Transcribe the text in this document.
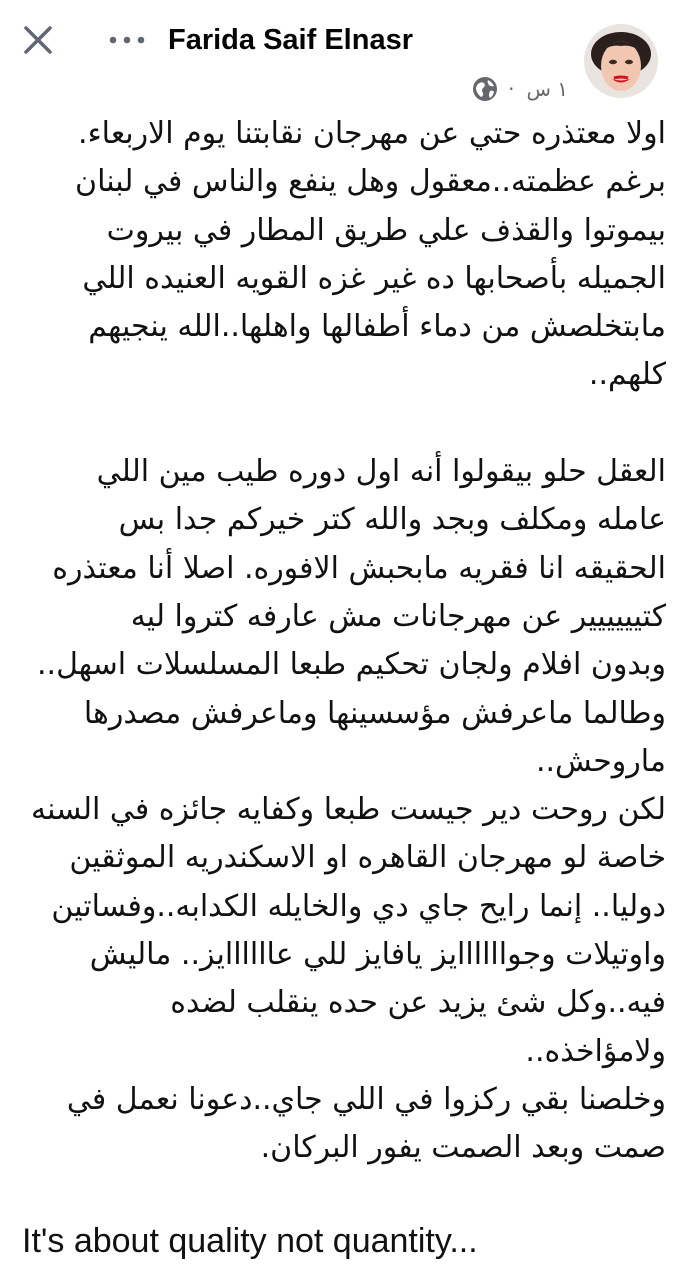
Farida Saif Elnasr
· ١ س

اولا معتذره حتي عن مهرجان نقابتنا يوم الاربعاء.

برغم عظمته..معقول وهل ينفع والناس في لبنان

بيموتوا والقذف علي طريق المطار في بيروت

الجميله بأصحابها ده غير غزه القويه العنيده اللي

مابتخلصش من دماء أطفالها واهلها..الله ينجيهم

كلهم..

العقل حلو بيقولوا أنه اول دوره طيب مين اللي

عامله ومكلف وبجد والله كتر خيركم جدا بس

الحقيقه انا فقريه مابحبش الافوره. اصلا أنا معتذره

كتيييييير عن مهرجانات مش عارفه كتروا ليه

وبدون افلام ولجان تحكيم طبعا المسلسلات اسهل..

وطالما ماعرفش مؤسسينها وماعرفش مصدرها

ماروحش..

لكن روحت دير جيست طبعا وكفايه جائزه في السنه

خاصة لو مهرجان القاهره او الاسكندريه الموثقين

دوليا.. إنما رايح جاي دي والخايله الكدابه..وفساتين

واوتيلات وجواااااايز يافايز للي عاااااايز.. ماليش

فيه..وكل شئ يزيد عن حده ينقلب لضده

ولامؤاخذه..

وخلصنا بقي ركزوا في اللي جاي..دعونا نعمل في

صمت وبعد الصمت يفور البركان.

It's about quality not quantity...
